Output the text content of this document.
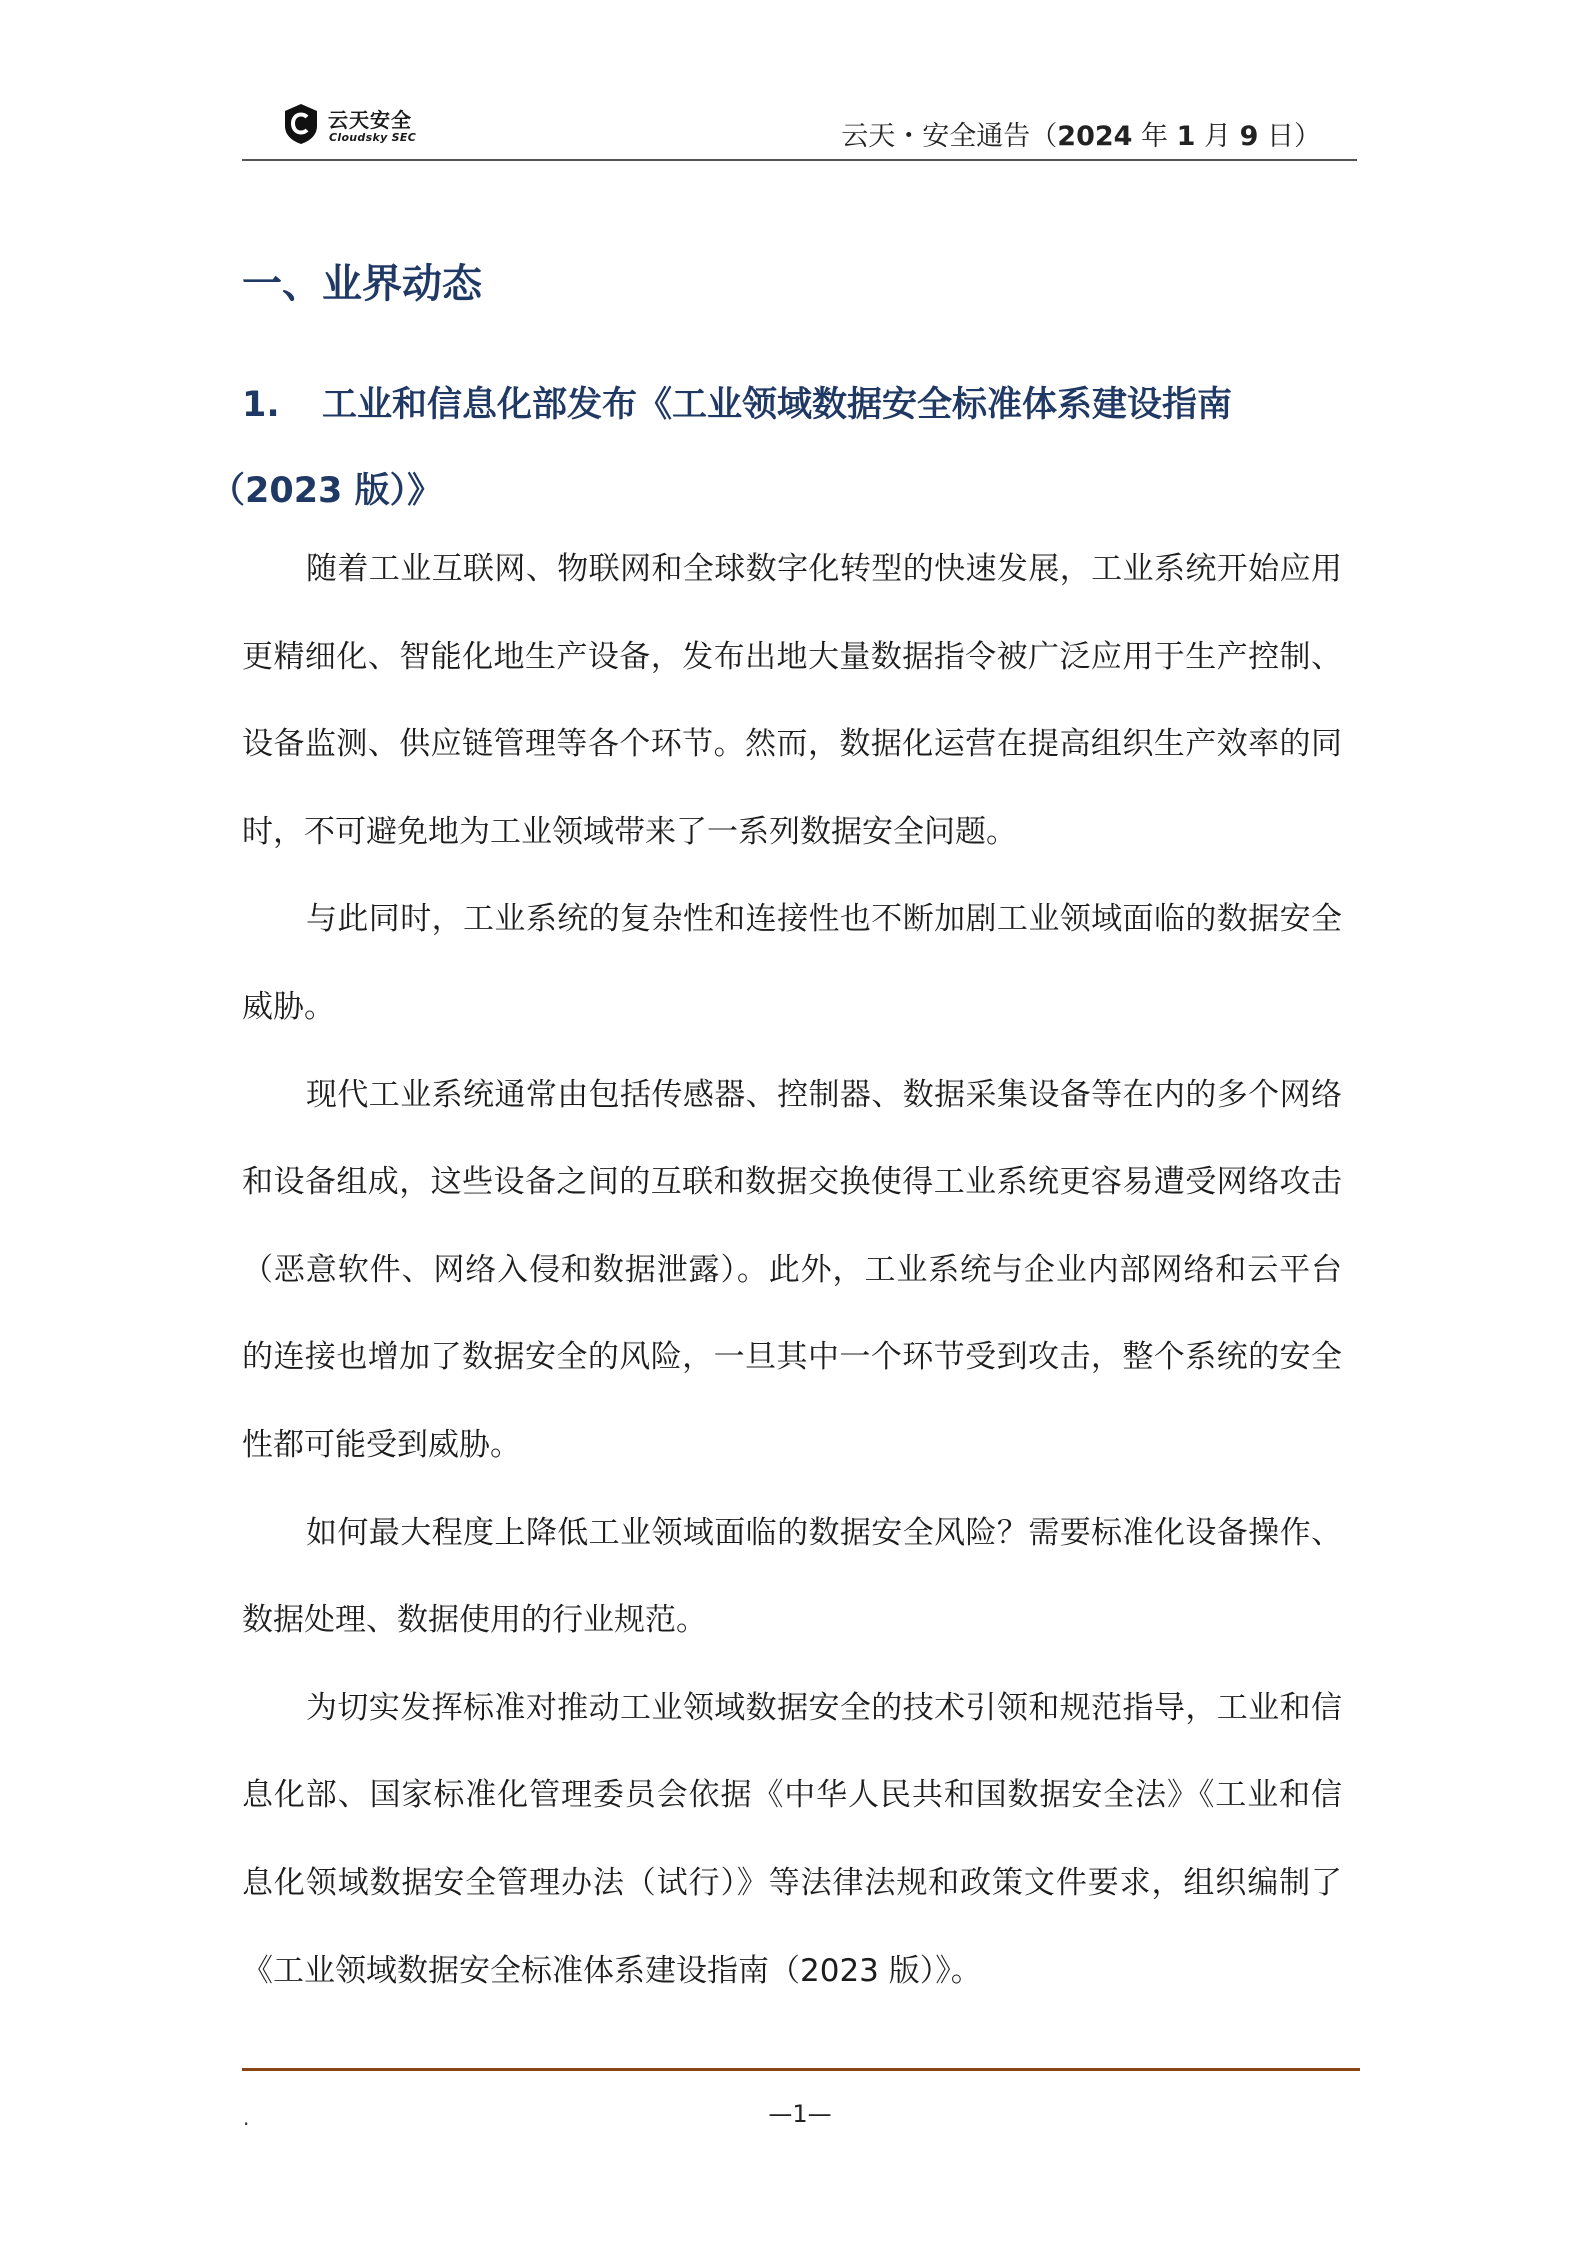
云天安全
Cloudsky SEC	云天・安全通告（2024 年 1 月 9 日）
一、业界动态
1. 工业和信息化部发布《工业领域数据安全标准体系建设指南
（2023 版）》

随着工业互联网、物联网和全球数字化转型的快速发展，工业系统开始应用更精细化、智能化地生产设备，发布出地大量数据指令被广泛应用于生产控制、设备监测、供应链管理等各个环节。然而，数据化运营在提高组织生产效率的同时，不可避免地为工业领域带来了一系列数据安全问题。

与此同时，工业系统的复杂性和连接性也不断加剧工业领域面临的数据安全威胁。

现代工业系统通常由包括传感器、控制器、数据采集设备等在内的多个网络和设备组成，这些设备之间的互联和数据交换使得工业系统更容易遭受网络攻击（恶意软件、网络入侵和数据泄露）。此外，工业系统与企业内部网络和云平台的连接也增加了数据安全的风险，一旦其中一个环节受到攻击，整个系统的安全性都可能受到威胁。

如何最大程度上降低工业领域面临的数据安全风险？需要标准化设备操作、数据处理、数据使用的行业规范。

为切实发挥标准对推动工业领域数据安全的技术引领和规范指导，工业和信息化部、国家标准化管理委员会依据《中华人民共和国数据安全法》《工业和信息化领域数据安全管理办法（试行）》等法律法规和政策文件要求，组织编制了《工业领域数据安全标准体系建设指南（2023 版）》。

.	—1—
